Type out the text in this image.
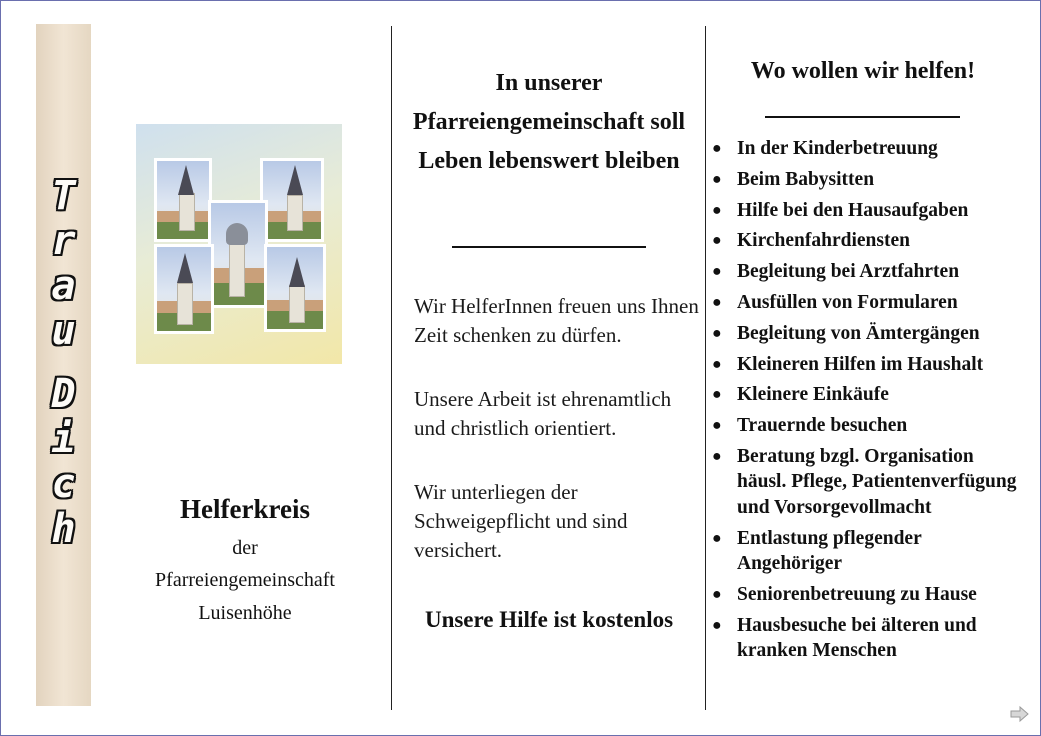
T
r
a
u
D
i
c
h	Helferkreis
der
Pfarreiengemeinschaft
Luisenhöhe
In unserer Pfarreiengemeinschaft soll Leben lebenswert bleiben
Wir HelferInnen freuen uns Ihnen Zeit schenken zu dürfen.
Unsere Arbeit ist ehrenamtlich und christlich orientiert.
Wir unterliegen der Schweigepflicht und sind versichert.
Unsere Hilfe ist kostenlos
Wo wollen wir helfen!
● In der Kinderbetreuung
● Beim Babysitten
● Hilfe bei den Hausaufgaben
● Kirchenfahrdiensten
● Begleitung bei Arztfahrten
● Ausfüllen von Formularen
● Begleitung von Ämtergängen
● Kleineren Hilfen im Haushalt
● Kleinere Einkäufe
● Trauernde besuchen
● Beratung bzgl. Organisation häusl. Pflege, Patientenverfügung und Vorsorgevollmacht
● Entlastung pflegender Angehöriger
● Seniorenbetreuung zu Hause
● Hausbesuche bei älteren und kranken Menschen
